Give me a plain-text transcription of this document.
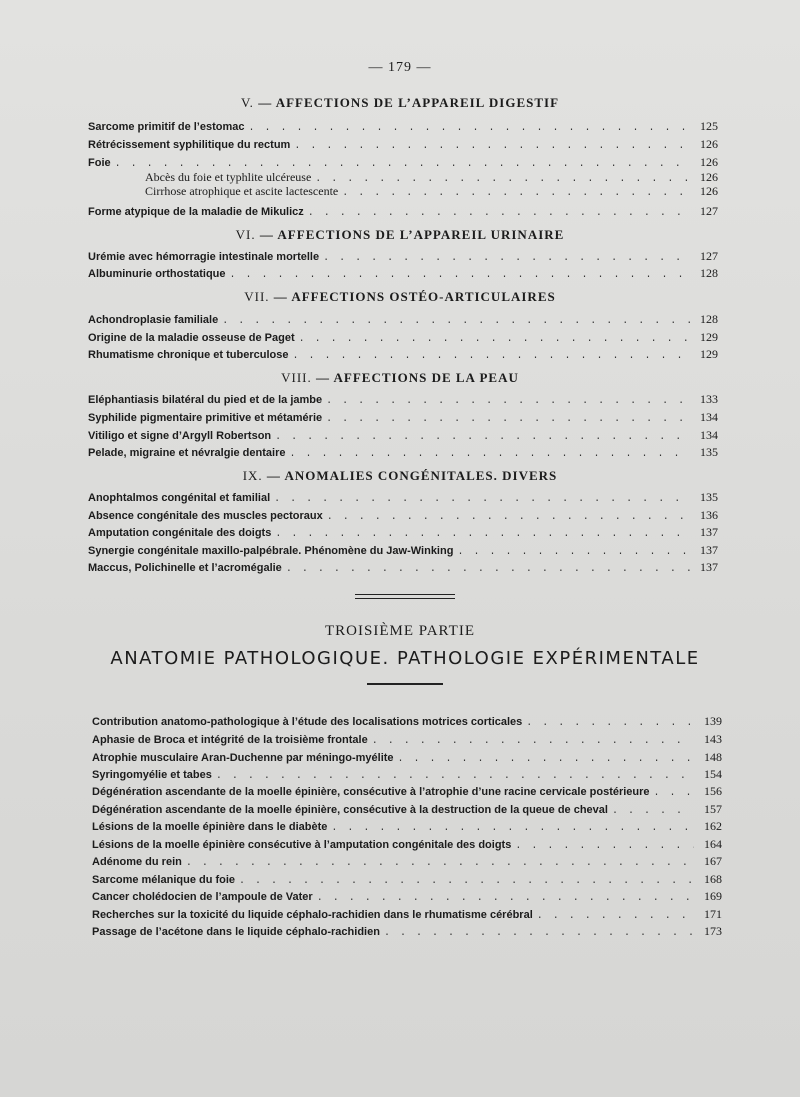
— 179 —
V. — AFFECTIONS DE L’APPAREIL DIGESTIF
Sarcome primitif de l’estomac . . .	125
Rétrécissement syphilitique du rectum . . .	126
Foie . . .	126
Abcès du foie et typhlite ulcéreuse . . .	126
Cirrhose atrophique et ascite lactescente . . .	126
Forme atypique de la maladie de Mikulicz . . .	127
VI. — AFFECTIONS DE L’APPAREIL URINAIRE
Urémie avec hémorragie intestinale mortelle . . .	127
Albuminurie orthostatique . . .	128
VII. — AFFECTIONS OSTÉO-ARTICULAIRES
Achondroplasie familiale . . .	128
Origine de la maladie osseuse de Paget . . .	129
Rhumatisme chronique et tuberculose . . .	129
VIII. — AFFECTIONS DE LA PEAU
Eléphantiasis bilatéral du pied et de la jambe . . .	133
Syphilide pigmentaire primitive et métamérie . . .	134
Vitiligo et signe d’Argyll Robertson . . .	134
Pelade, migraine et névralgie dentaire . . .	135
IX. — ANOMALIES CONGÉNITALES. DIVERS
Anophtalmos congénital et familial . . .	135
Absence congénitale des muscles pectoraux . . .	136
Amputation congénitale des doigts . . .	137
Synergie congénitale maxillo-palpébrale. Phénomène du Jaw-Winking . . .	137
Maccus, Polichinelle et l’acromégalie . . .	137
TROISIÈME PARTIE
ANATOMIE PATHOLOGIQUE. PATHOLOGIE EXPÉRIMENTALE
Contribution anatomo-pathologique à l’étude des localisations motrices corticales . . .	139
Aphasie de Broca et intégrité de la troisième frontale . . .	143
Atrophie musculaire Aran-Duchenne par méningo-myélite . . .	148
Syringomyélie et tabes . . .	154
Dégénération ascendante de la moelle épinière, consécutive à l’atrophie d’une racine cervicale postérieure . . .	156
Dégénération ascendante de la moelle épinière, consécutive à la destruction de la queue de cheval . . .	157
Lésions de la moelle épinière dans le diabète . . .	162
Lésions de la moelle épinière consécutive à l’amputation congénitale des doigts . . .	164
Adénome du rein . . .	167
Sarcome mélanique du foie . . .	168
Cancer cholédocien de l’ampoule de Vater . . .	169
Recherches sur la toxicité du liquide céphalo-rachidien dans le rhumatisme cérébral . . .	171
Passage de l’acétone dans le liquide céphalo-rachidien . . .	173
